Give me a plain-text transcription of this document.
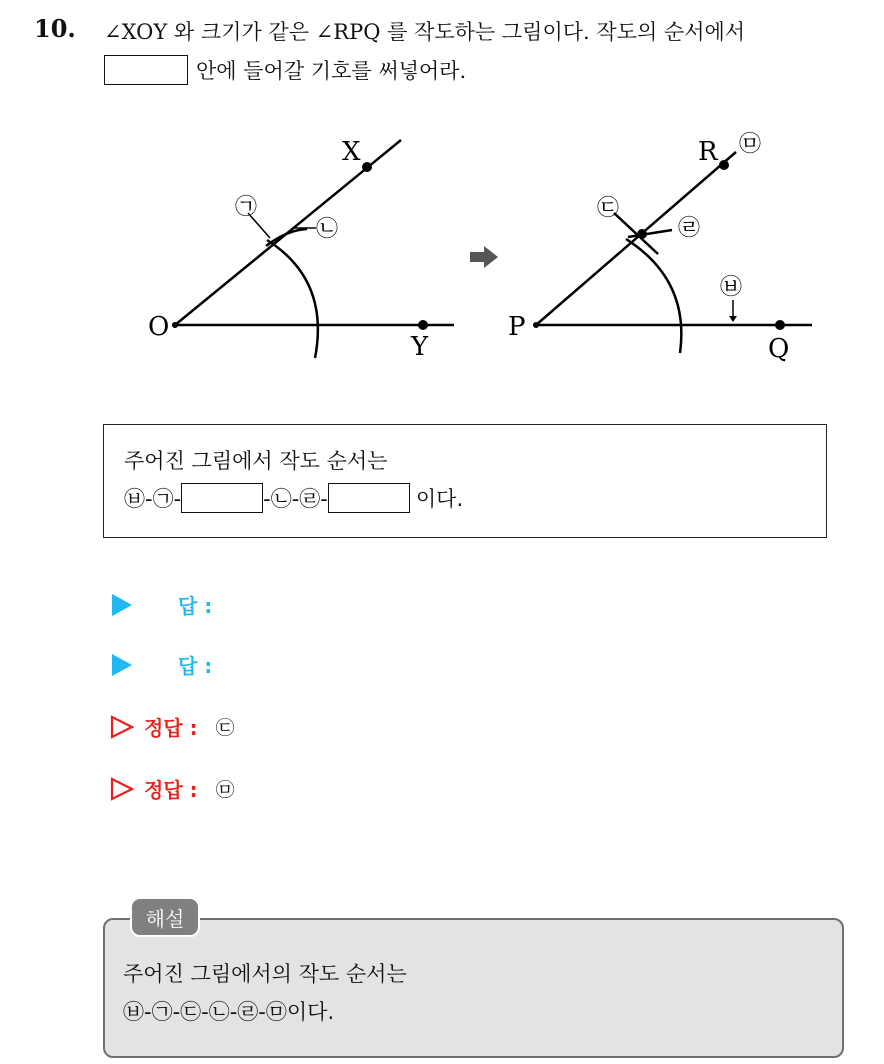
10. ∠XOY 와 크기가 같은 ∠RPQ 를 작도하는 그림이다. 작도의 순서에서
안에 들어갈 기호를 써넣어라.
X
O
Y
㉠
㉡
R
P
Q
㉢
㉣
㉤
㉥
주어진 그림에서 작도 순서는
㉥-㉠-	-㉡-㉣-	이다.
답 :
답 :
정답 : ㉢
정답 : ㉤
주어진 그림에서의 작도 순서는
㉥-㉠-㉢-㉡-㉣-㉤이다.
해설
